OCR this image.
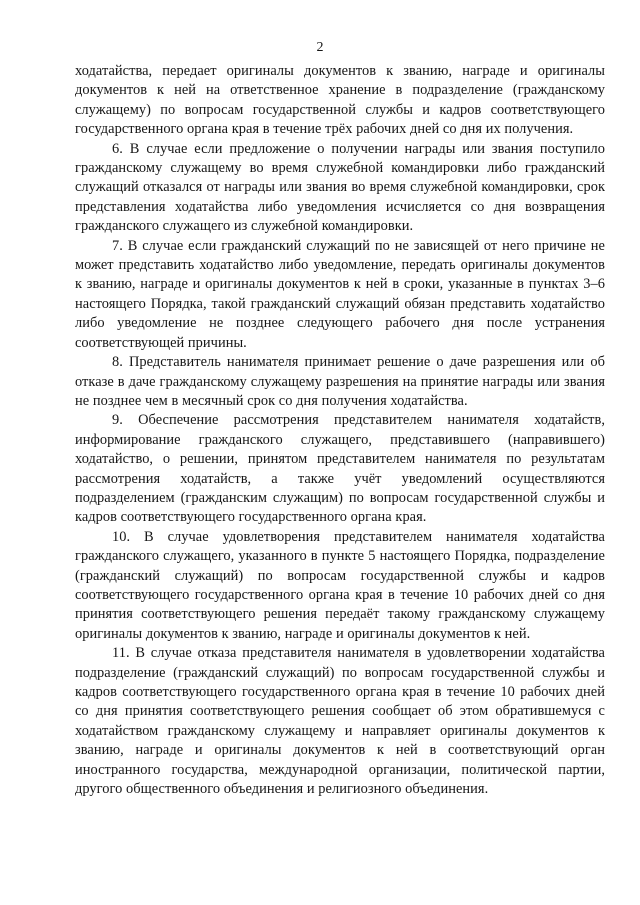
2

ходатайства, передает оригиналы документов к званию, награде и оригиналы документов к ней на ответственное хранение в подразделение (гражданскому служащему) по вопросам государственной службы и кадров соответствующего государственного органа края в течение трёх рабочих дней со дня их получения.

6. В случае если предложение о получении награды или звания поступило гражданскому служащему во время служебной командировки либо гражданский служащий отказался от награды или звания во время служебной командировки, срок представления ходатайства либо уведомления исчисляется со дня возвращения гражданского служащего из служебной командировки.

7. В случае если гражданский служащий по не зависящей от него причине не может представить ходатайство либо уведомление, передать оригиналы документов к званию, награде и оригиналы документов к ней в сроки, указанные в пунктах 3–6 настоящего Порядка, такой гражданский служащий обязан представить ходатайство либо уведомление не позднее следующего рабочего дня после устранения соответствующей причины.

8. Представитель нанимателя принимает решение о даче разрешения или об отказе в даче гражданскому служащему разрешения на принятие награды или звания не позднее чем в месячный срок со дня получения ходатайства.

9. Обеспечение рассмотрения представителем нанимателя ходатайств, информирование гражданского служащего, представившего (направившего) ходатайство, о решении, принятом представителем нанимателя по результатам рассмотрения ходатайств, а также учёт уведомлений осуществляются подразделением (гражданским служащим) по вопросам государственной службы и кадров соответствующего государственного органа края.

10. В случае удовлетворения представителем нанимателя ходатайства гражданского служащего, указанного в пункте 5 настоящего Порядка, подразделение (гражданский служащий) по вопросам государственной службы и кадров соответствующего государственного органа края в течение 10 рабочих дней со дня принятия соответствующего решения передаёт такому гражданскому служащему оригиналы документов к званию, награде и оригиналы документов к ней.

11. В случае отказа представителя нанимателя в удовлетворении ходатайства подразделение (гражданский служащий) по вопросам государственной службы и кадров соответствующего государственного органа края в течение 10 рабочих дней со дня принятия соответствующего решения сообщает об этом обратившемуся с ходатайством гражданскому служащему и направляет оригиналы документов к званию, награде и оригиналы документов к ней в соответствующий орган иностранного государства, международной организации, политической партии, другого общественного объединения и религиозного объединения.
